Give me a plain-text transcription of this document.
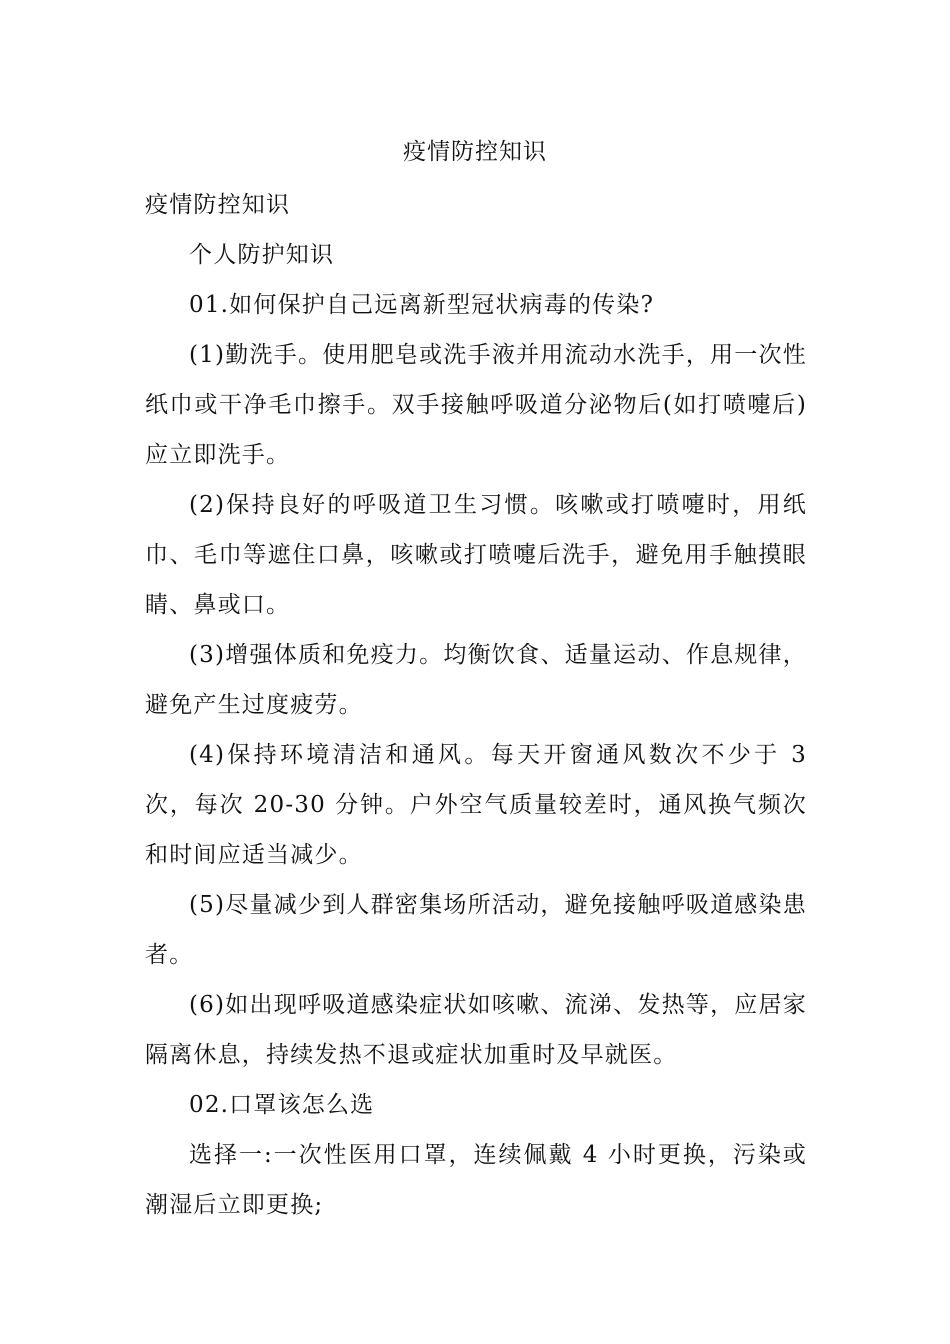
疫情防控知识

疫情防控知识

个人防护知识

01.如何保护自己远离新型冠状病毒的传染?

(1)勤洗手。使用肥皂或洗手液并用流动水洗手，用一次性纸巾或干净毛巾擦手。双手接触呼吸道分泌物后(如打喷嚏后)应立即洗手。

(2)保持良好的呼吸道卫生习惯。咳嗽或打喷嚏时，用纸巾、毛巾等遮住口鼻，咳嗽或打喷嚏后洗手，避免用手触摸眼睛、鼻或口。

(3)增强体质和免疫力。均衡饮食、适量运动、作息规律，避免产生过度疲劳。

(4)保持环境清洁和通风。每天开窗通风数次不少于 3 次，每次 20-30 分钟。户外空气质量较差时，通风换气频次和时间应适当减少。

(5)尽量减少到人群密集场所活动，避免接触呼吸道感染患者。

(6)如出现呼吸道感染症状如咳嗽、流涕、发热等，应居家隔离休息，持续发热不退或症状加重时及早就医。

02.口罩该怎么选

选择一:一次性医用口罩，连续佩戴 4 小时更换，污染或潮湿后立即更换;
